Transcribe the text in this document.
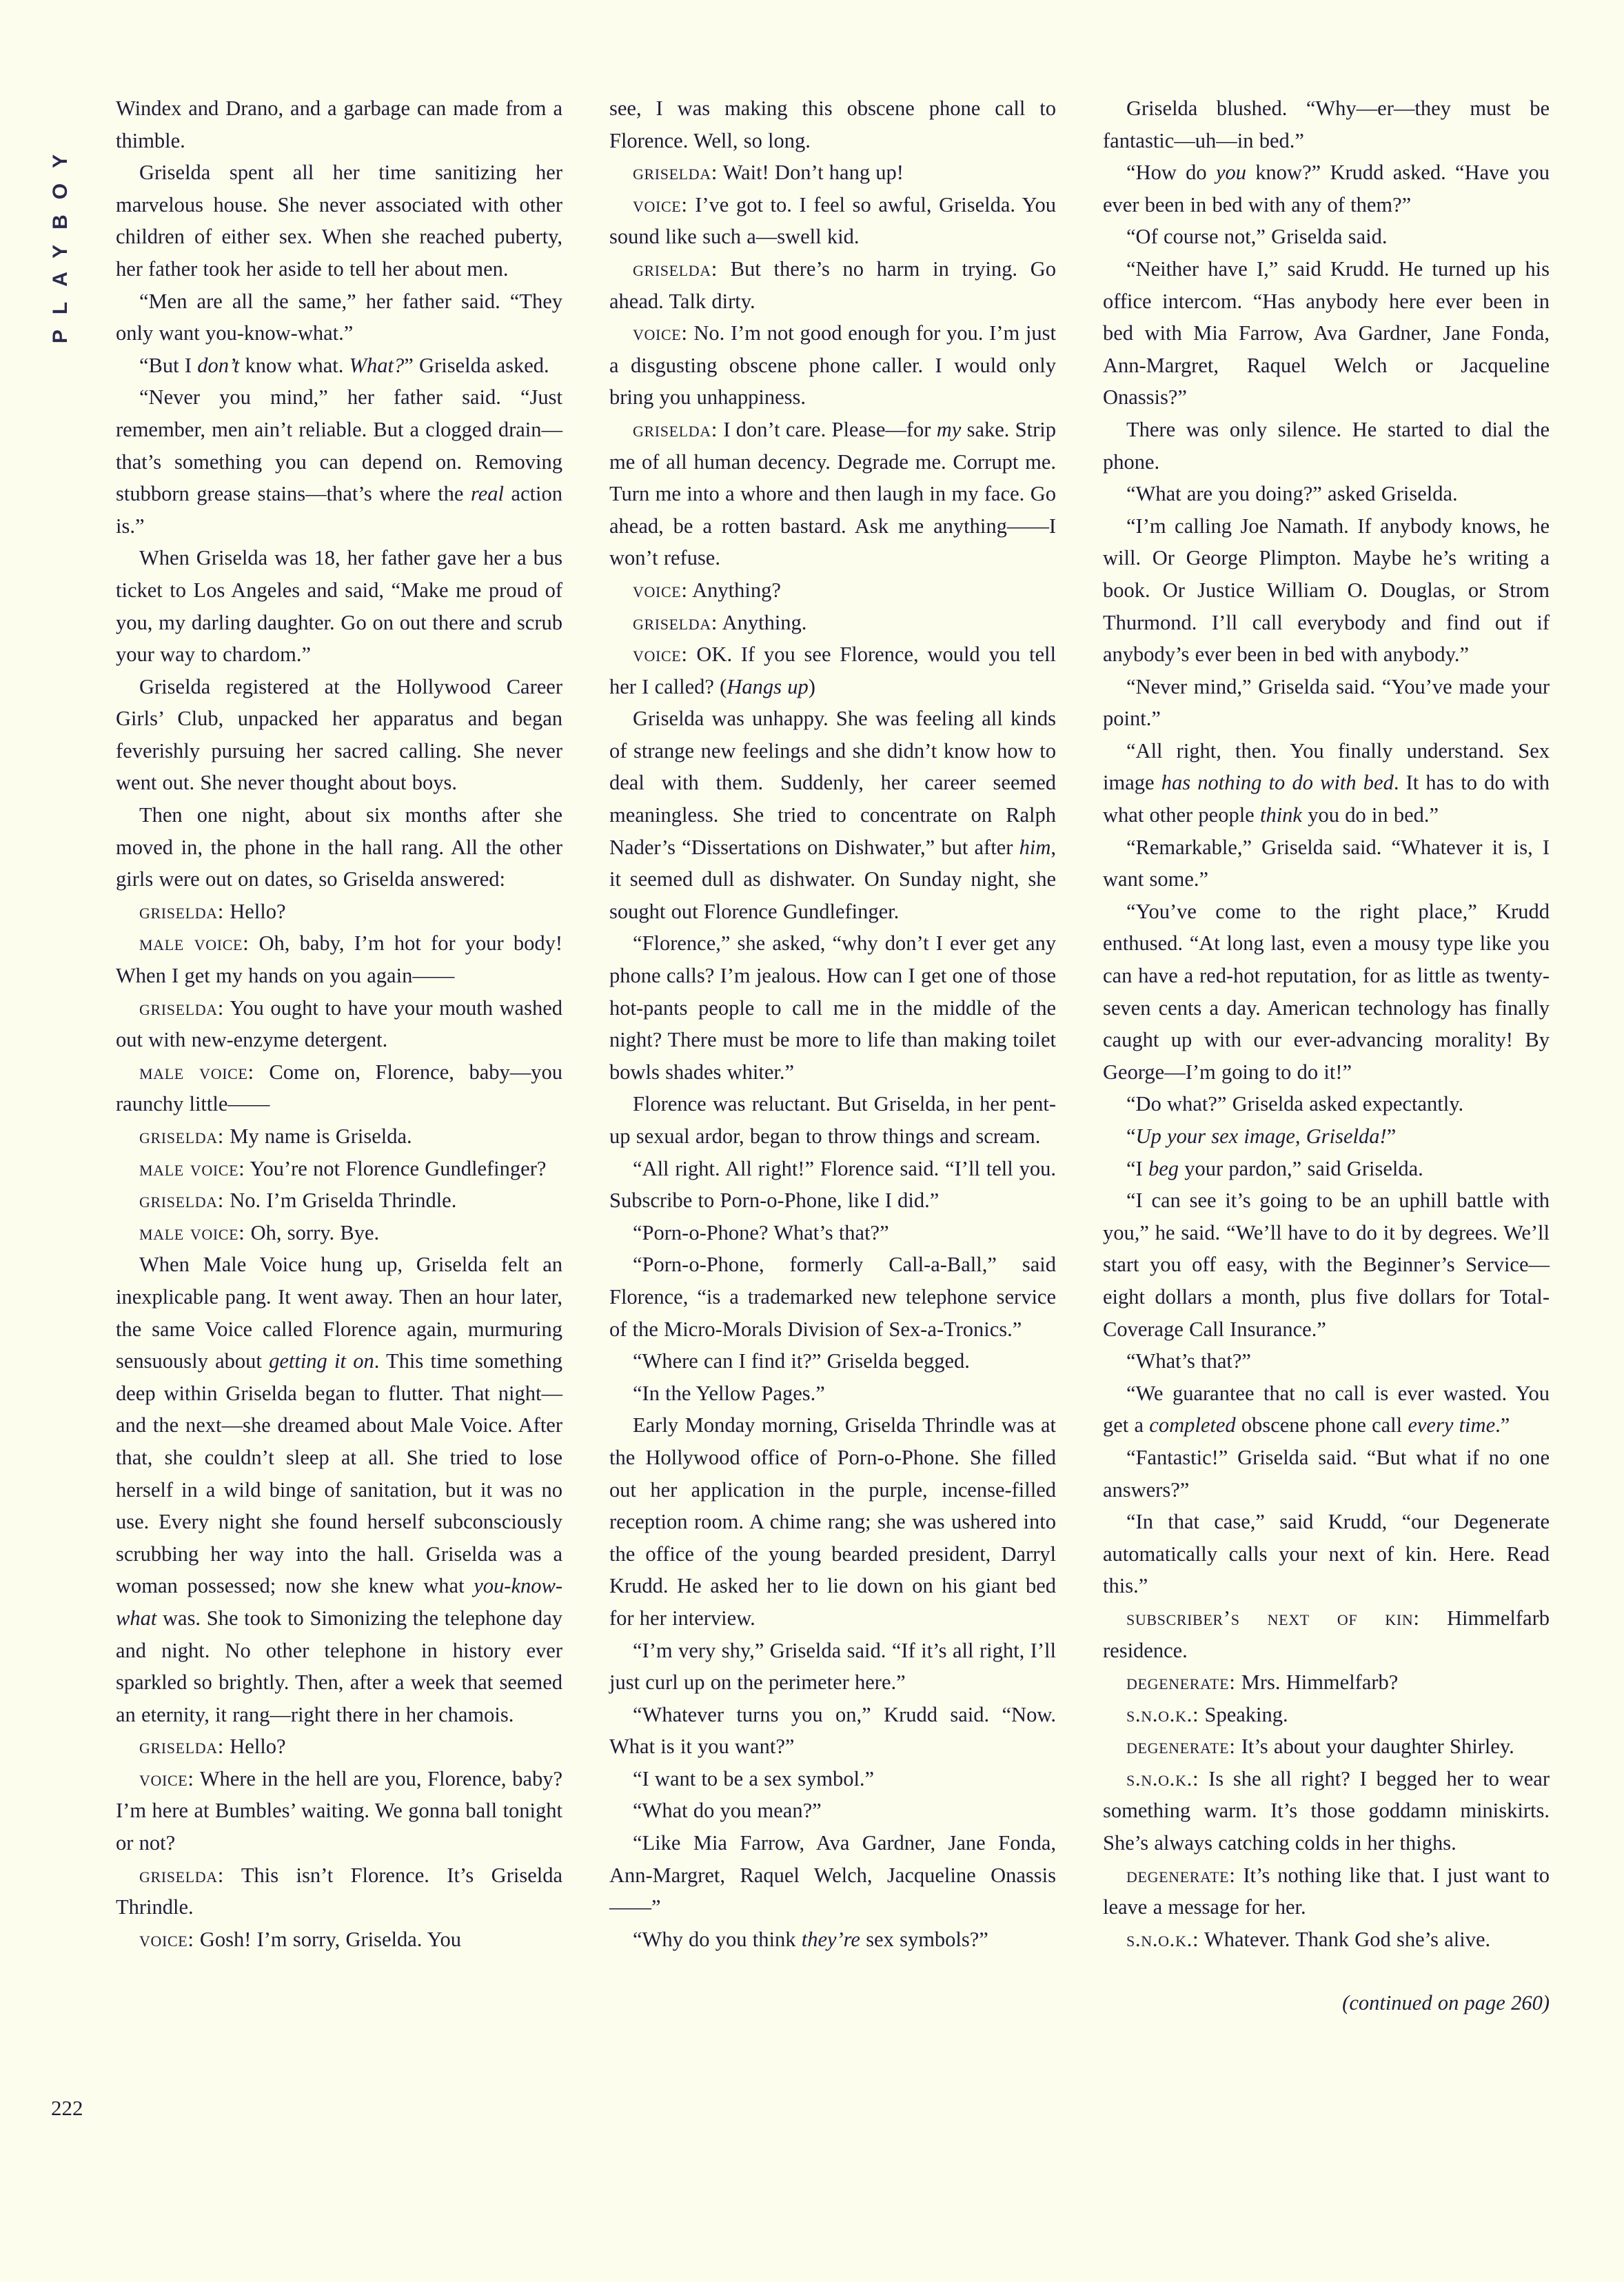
PLAYBOY

Windex and Drano, and a garbage can made from a thimble.

Griselda spent all her time sanitizing her marvelous house. She never associated with other children of either sex. When she reached puberty, her father took her aside to tell her about men.

“Men are all the same,” her father said. “They only want you-know-what.”

“But I don’t know what. What?” Griselda asked.

“Never you mind,” her father said. “Just remember, men ain’t reliable. But a clogged drain—that’s something you can depend on. Removing stubborn grease stains—that’s where the real action is.”

When Griselda was 18, her father gave her a bus ticket to Los Angeles and said, “Make me proud of you, my darling daughter. Go on out there and scrub your way to chardom.”

Griselda registered at the Hollywood Career Girls’ Club, unpacked her apparatus and began feverishly pursuing her sacred calling. She never went out. She never thought about boys.

Then one night, about six months after she moved in, the phone in the hall rang. All the other girls were out on dates, so Griselda answered:

griselda: Hello?

male voice: Oh, baby, I’m hot for your body! When I get my hands on you again——

griselda: You ought to have your mouth washed out with new-enzyme detergent.

male voice: Come on, Florence, baby—you raunchy little——

griselda: My name is Griselda.

male voice: You’re not Florence Gundlefinger?

griselda: No. I’m Griselda Thrindle.

male voice: Oh, sorry. Bye.

When Male Voice hung up, Griselda felt an inexplicable pang. It went away. Then an hour later, the same Voice called Florence again, murmuring sensuously about getting it on. This time something deep within Griselda began to flutter. That night—and the next—she dreamed about Male Voice. After that, she couldn’t sleep at all. She tried to lose herself in a wild binge of sanitation, but it was no use. Every night she found herself subconsciously scrubbing her way into the hall. Griselda was a woman possessed; now she knew what you-know-what was. She took to Simonizing the telephone day and night. No other telephone in history ever sparkled so brightly. Then, after a week that seemed an eternity, it rang—right there in her chamois.

griselda: Hello?

voice: Where in the hell are you, Florence, baby? I’m here at Bumbles’ waiting. We gonna ball tonight or not?

griselda: This isn’t Florence. It’s Griselda Thrindle.

voice: Gosh! I’m sorry, Griselda. You

see, I was making this obscene phone call to Florence. Well, so long.

griselda: Wait! Don’t hang up!

voice: I’ve got to. I feel so awful, Griselda. You sound like such a—swell kid.

griselda: But there’s no harm in trying. Go ahead. Talk dirty.

voice: No. I’m not good enough for you. I’m just a disgusting obscene phone caller. I would only bring you unhappiness.

griselda: I don’t care. Please—for my sake. Strip me of all human decency. Degrade me. Corrupt me. Turn me into a whore and then laugh in my face. Go ahead, be a rotten bastard. Ask me anything——I won’t refuse.

voice: Anything?

griselda: Anything.

voice: OK. If you see Florence, would you tell her I called? (Hangs up)

Griselda was unhappy. She was feeling all kinds of strange new feelings and she didn’t know how to deal with them. Suddenly, her career seemed meaningless. She tried to concentrate on Ralph Nader’s “Dissertations on Dishwater,” but after him, it seemed dull as dishwater. On Sunday night, she sought out Florence Gundlefinger.

“Florence,” she asked, “why don’t I ever get any phone calls? I’m jealous. How can I get one of those hot-pants people to call me in the middle of the night? There must be more to life than making toilet bowls shades whiter.”

Florence was reluctant. But Griselda, in her pent-up sexual ardor, began to throw things and scream.

“All right. All right!” Florence said. “I’ll tell you. Subscribe to Porn-o-Phone, like I did.”

“Porn-o-Phone? What’s that?”

“Porn-o-Phone, formerly Call-a-Ball,” said Florence, “is a trademarked new telephone service of the Micro-Morals Division of Sex-a-Tronics.”

“Where can I find it?” Griselda begged.

“In the Yellow Pages.”

Early Monday morning, Griselda Thrindle was at the Hollywood office of Porn-o-Phone. She filled out her application in the purple, incense-filled reception room. A chime rang; she was ushered into the office of the young bearded president, Darryl Krudd. He asked her to lie down on his giant bed for her interview.

“I’m very shy,” Griselda said. “If it’s all right, I’ll just curl up on the perimeter here.”

“Whatever turns you on,” Krudd said. “Now. What is it you want?”

“I want to be a sex symbol.”

“What do you mean?”

“Like Mia Farrow, Ava Gardner, Jane Fonda, Ann-Margret, Raquel Welch, Jacqueline Onassis——”

“Why do you think they’re sex symbols?”

Griselda blushed. “Why—er—they must be fantastic—uh—in bed.”

“How do you know?” Krudd asked. “Have you ever been in bed with any of them?”

“Of course not,” Griselda said.

“Neither have I,” said Krudd. He turned up his office intercom. “Has anybody here ever been in bed with Mia Farrow, Ava Gardner, Jane Fonda, Ann-Margret, Raquel Welch or Jacqueline Onassis?”

There was only silence. He started to dial the phone.

“What are you doing?” asked Griselda.

“I’m calling Joe Namath. If anybody knows, he will. Or George Plimpton. Maybe he’s writing a book. Or Justice William O. Douglas, or Strom Thurmond. I’ll call everybody and find out if anybody’s ever been in bed with anybody.”

“Never mind,” Griselda said. “You’ve made your point.”

“All right, then. You finally understand. Sex image has nothing to do with bed. It has to do with what other people think you do in bed.”

“Remarkable,” Griselda said. “Whatever it is, I want some.”

“You’ve come to the right place,” Krudd enthused. “At long last, even a mousy type like you can have a red-hot reputation, for as little as twenty-seven cents a day. American technology has finally caught up with our ever-advancing morality! By George—I’m going to do it!”

“Do what?” Griselda asked expectantly.

“Up your sex image, Griselda!”

“I beg your pardon,” said Griselda.

“I can see it’s going to be an uphill battle with you,” he said. “We’ll have to do it by degrees. We’ll start you off easy, with the Beginner’s Service—eight dollars a month, plus five dollars for Total-Coverage Call Insurance.”

“What’s that?”

“We guarantee that no call is ever wasted. You get a completed obscene phone call every time.”

“Fantastic!” Griselda said. “But what if no one answers?”

“In that case,” said Krudd, “our Degenerate automatically calls your next of kin. Here. Read this.”

subscriber’s next of kin: Himmelfarb residence.

degenerate: Mrs. Himmelfarb?

s.n.o.k.: Speaking.

degenerate: It’s about your daughter Shirley.

s.n.o.k.: Is she all right? I begged her to wear something warm. It’s those goddamn miniskirts. She’s always catching colds in her thighs.

degenerate: It’s nothing like that. I just want to leave a message for her.

s.n.o.k.: Whatever. Thank God she’s alive.

(continued on page 260)

222
